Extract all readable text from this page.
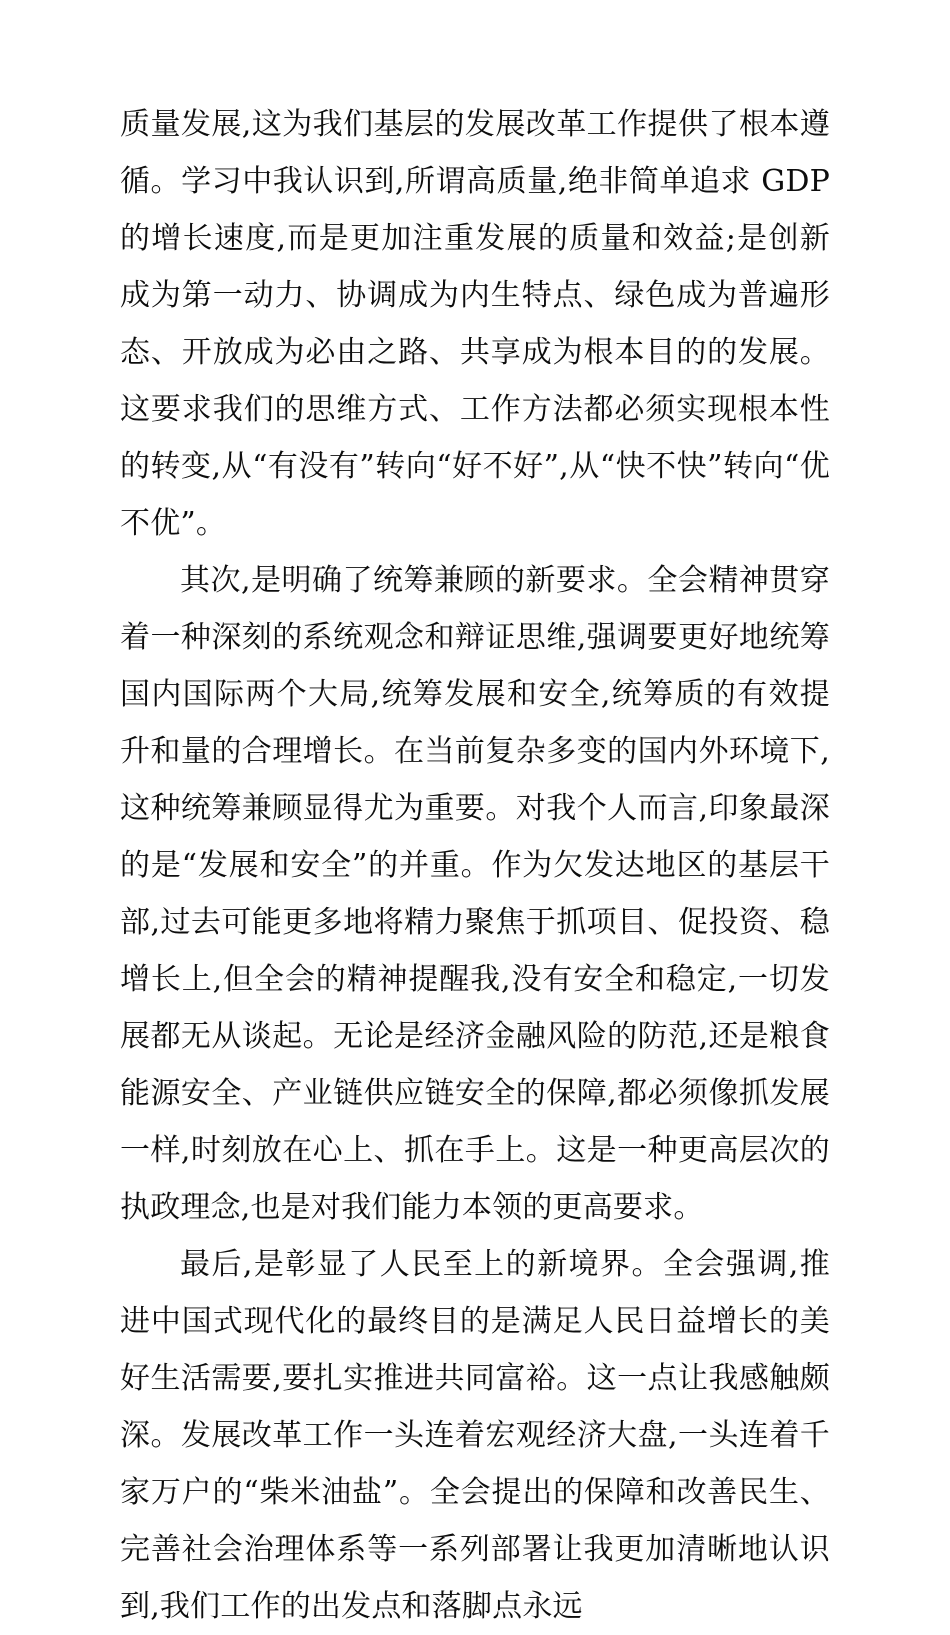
质量发展,这为我们基层的发展改革工作提供了根本遵循。学习中我认识到,所谓高质量,绝非简单追求 GDP 的增长速度,而是更加注重发展的质量和效益;是创新成为第一动力、协调成为内生特点、绿色成为普遍形态、开放成为必由之路、共享成为根本目的的发展。这要求我们的思维方式、工作方法都必须实现根本性的转变,从“有没有”转向“好不好”,从“快不快”转向“优不优”。

其次,是明确了统筹兼顾的新要求。全会精神贯穿着一种深刻的系统观念和辩证思维,强调要更好地统筹国内国际两个大局,统筹发展和安全,统筹质的有效提升和量的合理增长。在当前复杂多变的国内外环境下,这种统筹兼顾显得尤为重要。对我个人而言,印象最深的是“发展和安全”的并重。作为欠发达地区的基层干部,过去可能更多地将精力聚焦于抓项目、促投资、稳增长上,但全会的精神提醒我,没有安全和稳定,一切发展都无从谈起。无论是经济金融风险的防范,还是粮食能源安全、产业链供应链安全的保障,都必须像抓发展一样,时刻放在心上、抓在手上。这是一种更高层次的执政理念,也是对我们能力本领的更高要求。

最后,是彰显了人民至上的新境界。全会强调,推进中国式现代化的最终目的是满足人民日益增长的美好生活需要,要扎实推进共同富裕。这一点让我感触颇深。发展改革工作一头连着宏观经济大盘,一头连着千家万户的“柴米油盐”。全会提出的保障和改善民生、完善社会治理体系等一系列部署让我更加清晰地认识到,我们工作的出发点和落脚点永远
